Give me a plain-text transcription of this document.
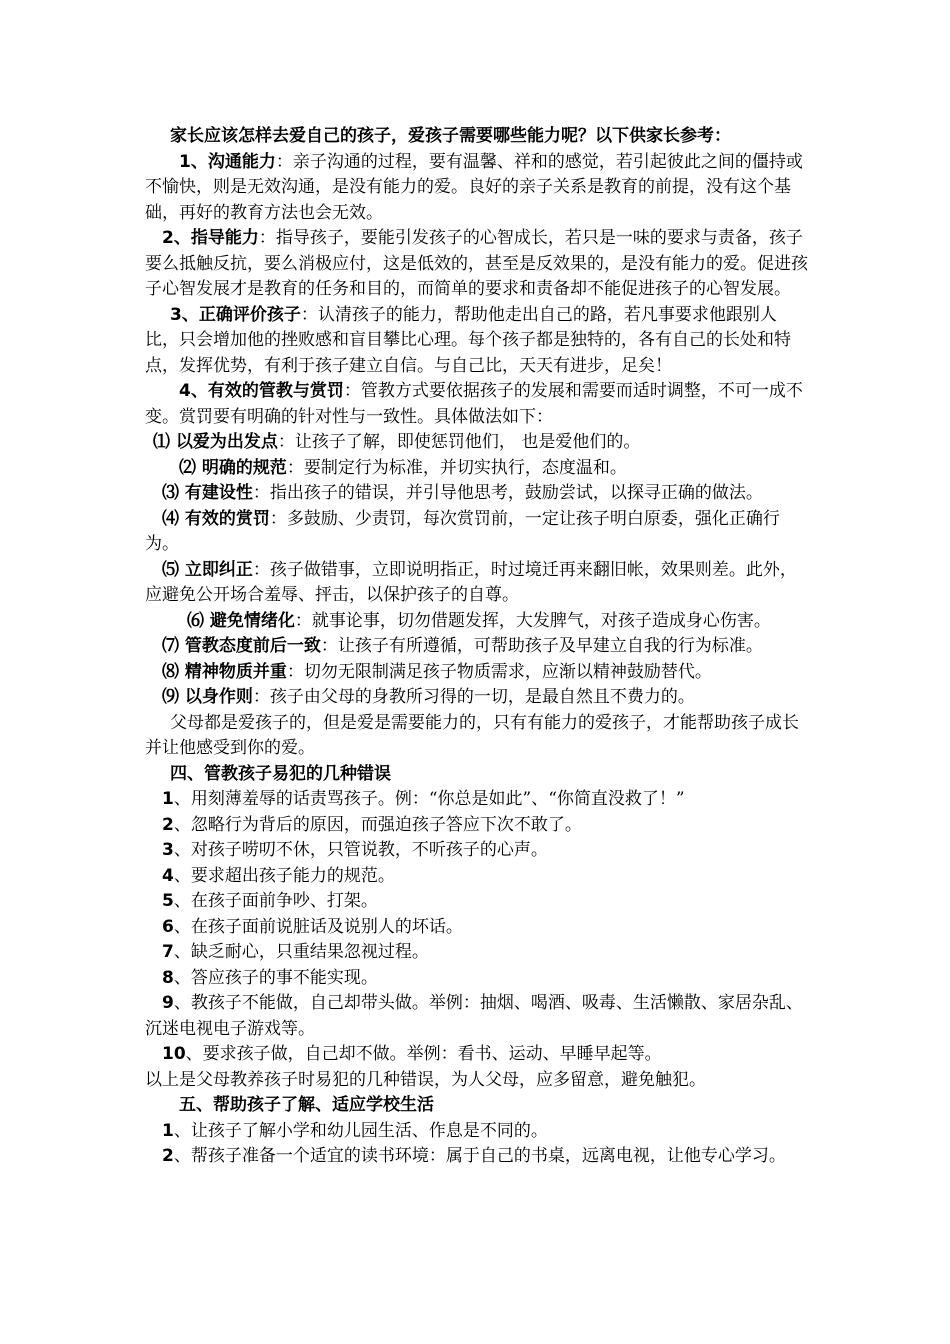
家长应该怎样去爱自己的孩子，爱孩子需要哪些能力呢？以下供家长参考：

1、沟通能力：亲子沟通的过程，要有温馨、祥和的感觉，若引起彼此之间的僵持或不愉快，则是无效沟通，是没有能力的爱。良好的亲子关系是教育的前提，没有这个基础，再好的教育方法也会无效。

2、指导能力：指导孩子，要能引发孩子的心智成长，若只是一味的要求与责备，孩子要么抵触反抗，要么消极应付，这是低效的，甚至是反效果的，是没有能力的爱。促进孩子心智发展才是教育的任务和目的，而简单的要求和责备却不能促进孩子的心智发展。

3、正确评价孩子：认清孩子的能力，帮助他走出自己的路，若凡事要求他跟别人比，只会增加他的挫败感和盲目攀比心理。每个孩子都是独特的，各有自己的长处和特点，发挥优势，有利于孩子建立自信。与自己比，天天有进步，足矣！

4、有效的管教与赏罚：管教方式要依据孩子的发展和需要而适时调整，不可一成不变。赏罚要有明确的针对性与一致性。具体做法如下：

⑴ 以爱为出发点：让孩子了解，即使惩罚他们， 也是爱他们的。

⑵ 明确的规范：要制定行为标准，并切实执行，态度温和。

⑶ 有建设性：指出孩子的错误，并引导他思考，鼓励尝试，以探寻正确的做法。

⑷ 有效的赏罚：多鼓励、少责罚，每次赏罚前，一定让孩子明白原委，强化正确行为。

⑸ 立即纠正：孩子做错事，立即说明指正，时过境迁再来翻旧帐，效果则差。此外，应避免公开场合羞辱、抨击，以保护孩子的自尊。

⑹ 避免情绪化：就事论事，切勿借题发挥，大发脾气，对孩子造成身心伤害。

⑺ 管教态度前后一致：让孩子有所遵循，可帮助孩子及早建立自我的行为标准。

⑻ 精神物质并重：切勿无限制满足孩子物质需求，应渐以精神鼓励替代。

⑼ 以身作则：孩子由父母的身教所习得的一切，是最自然且不费力的。

父母都是爱孩子的，但是爱是需要能力的，只有有能力的爱孩子，才能帮助孩子成长并让他感受到你的爱。

四、管教孩子易犯的几种错误

1、用刻薄羞辱的话责骂孩子。例：“你总是如此”、“你简直没救了！”

2、忽略行为背后的原因，而强迫孩子答应下次不敢了。

3、对孩子唠叨不休，只管说教，不听孩子的心声。

4、要求超出孩子能力的规范。

5、在孩子面前争吵、打架。

6、在孩子面前说脏话及说别人的坏话。

7、缺乏耐心，只重结果忽视过程。

8、答应孩子的事不能实现。

9、教孩子不能做，自己却带头做。举例：抽烟、喝酒、吸毒、生活懒散、家居杂乱、沉迷电视电子游戏等。

10、要求孩子做，自己却不做。举例：看书、运动、早睡早起等。

以上是父母教养孩子时易犯的几种错误，为人父母，应多留意，避免触犯。

五、帮助孩子了解、适应学校生活

1、让孩子了解小学和幼儿园生活、作息是不同的。

2、帮孩子准备一个适宜的读书环境：属于自己的书桌，远离电视，让他专心学习。
